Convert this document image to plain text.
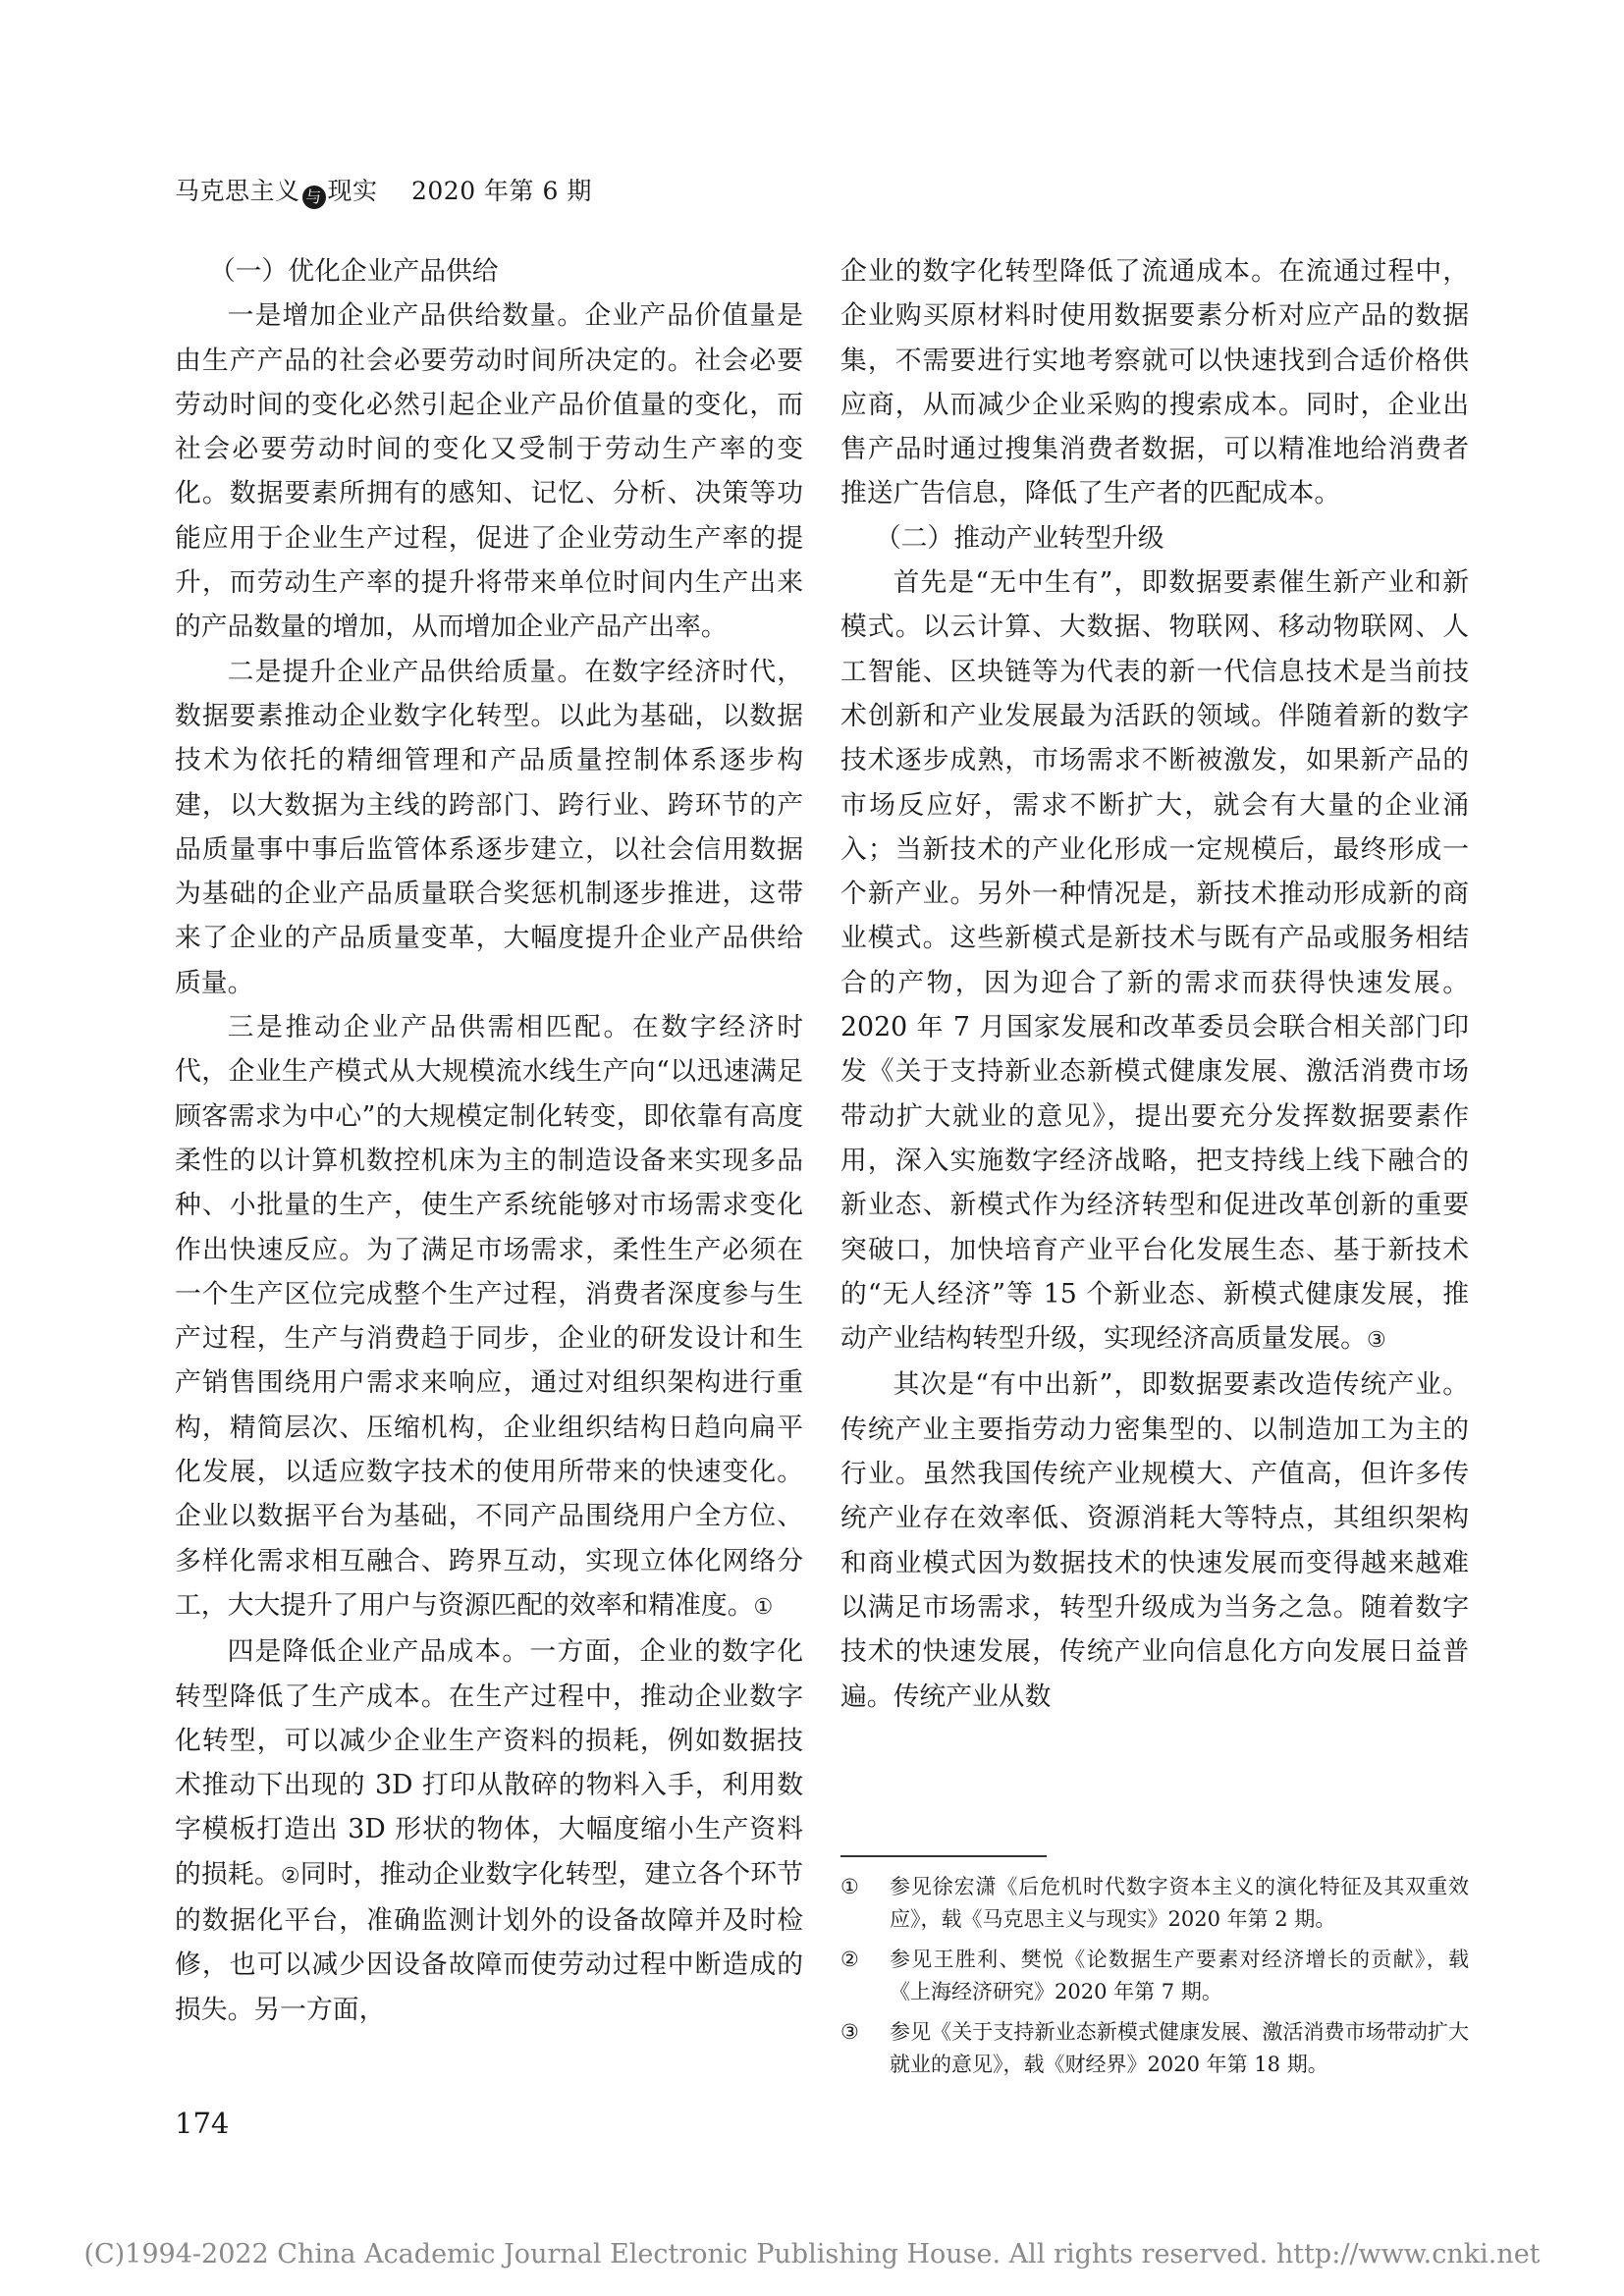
马克思主义 与 现实 2020 年第 6 期

（一）优化企业产品供给

一是增加企业产品供给数量。企业产品价值量是由生产产品的社会必要劳动时间所决定的。社会必要劳动时间的变化必然引起企业产品价值量的变化，而社会必要劳动时间的变化又受制于劳动生产率的变化。数据要素所拥有的感知、记忆、分析、决策等功能应用于企业生产过程，促进了企业劳动生产率的提升，而劳动生产率的提升将带来单位时间内生产出来的产品数量的增加，从而增加企业产品产出率。

二是提升企业产品供给质量。在数字经济时代，数据要素推动企业数字化转型。以此为基础，以数据技术为依托的精细管理和产品质量控制体系逐步构建，以大数据为主线的跨部门、跨行业、跨环节的产品质量事中事后监管体系逐步建立，以社会信用数据为基础的企业产品质量联合奖惩机制逐步推进，这带来了企业的产品质量变革，大幅度提升企业产品供给质量。

三是推动企业产品供需相匹配。在数字经济时代，企业生产模式从大规模流水线生产向“以迅速满足顾客需求为中心”的大规模定制化转变，即依靠有高度柔性的以计算机数控机床为主的制造设备来实现多品种、小批量的生产，使生产系统能够对市场需求变化作出快速反应。为了满足市场需求，柔性生产必须在一个生产区位完成整个生产过程，消费者深度参与生产过程，生产与消费趋于同步，企业的研发设计和生产销售围绕用户需求来响应，通过对组织架构进行重构，精简层次、压缩机构，企业组织结构日趋向扁平化发展，以适应数字技术的使用所带来的快速变化。企业以数据平台为基础，不同产品围绕用户全方位、多样化需求相互融合、跨界互动，实现立体化网络分工，大大提升了用户与资源匹配的效率和精准度。①

四是降低企业产品成本。一方面，企业的数字化转型降低了生产成本。在生产过程中，推动企业数字化转型，可以减少企业生产资料的损耗，例如数据技术推动下出现的 3D 打印从散碎的物料入手，利用数字模板打造出 3D 形状的物体，大幅度缩小生产资料的损耗。②同时，推动企业数字化转型，建立各个环节的数据化平台，准确监测计划外的设备故障并及时检修，也可以减少因设备故障而使劳动过程中断造成的损失。另一方面，

企业的数字化转型降低了流通成本。在流通过程中，企业购买原材料时使用数据要素分析对应产品的数据集，不需要进行实地考察就可以快速找到合适价格供应商，从而减少企业采购的搜索成本。同时，企业出售产品时通过搜集消费者数据，可以精准地给消费者推送广告信息，降低了生产者的匹配成本。

（二）推动产业转型升级

首先是“无中生有”，即数据要素催生新产业和新模式。以云计算、大数据、物联网、移动物联网、人工智能、区块链等为代表的新一代信息技术是当前技术创新和产业发展最为活跃的领域。伴随着新的数字技术逐步成熟，市场需求不断被激发，如果新产品的市场反应好，需求不断扩大，就会有大量的企业涌入；当新技术的产业化形成一定规模后，最终形成一个新产业。另外一种情况是，新技术推动形成新的商业模式。这些新模式是新技术与既有产品或服务相结合的产物，因为迎合了新的需求而获得快速发展。2020 年 7 月国家发展和改革委员会联合相关部门印发《关于支持新业态新模式健康发展、激活消费市场带动扩大就业的意见》，提出要充分发挥数据要素作用，深入实施数字经济战略，把支持线上线下融合的新业态、新模式作为经济转型和促进改革创新的重要突破口，加快培育产业平台化发展生态、基于新技术的“无人经济”等 15 个新业态、新模式健康发展，推动产业结构转型升级，实现经济高质量发展。③

其次是“有中出新”，即数据要素改造传统产业。传统产业主要指劳动力密集型的、以制造加工为主的行业。虽然我国传统产业规模大、产值高，但许多传统产业存在效率低、资源消耗大等特点，其组织架构和商业模式因为数据技术的快速发展而变得越来越难以满足市场需求，转型升级成为当务之急。随着数字技术的快速发展，传统产业向信息化方向发展日益普遍。传统产业从数

① 参见徐宏潇《后危机时代数字资本主义的演化特征及其双重效应》，载《马克思主义与现实》2020 年第 2 期。
② 参见王胜利、樊悦《论数据生产要素对经济增长的贡献》，载《上海经济研究》2020 年第 7 期。
③ 参见《关于支持新业态新模式健康发展、激活消费市场带动扩大就业的意见》，载《财经界》2020 年第 18 期。
174
(C)1994-2022 China Academic Journal Electronic Publishing House. All rights reserved. http://www.cnki.net
